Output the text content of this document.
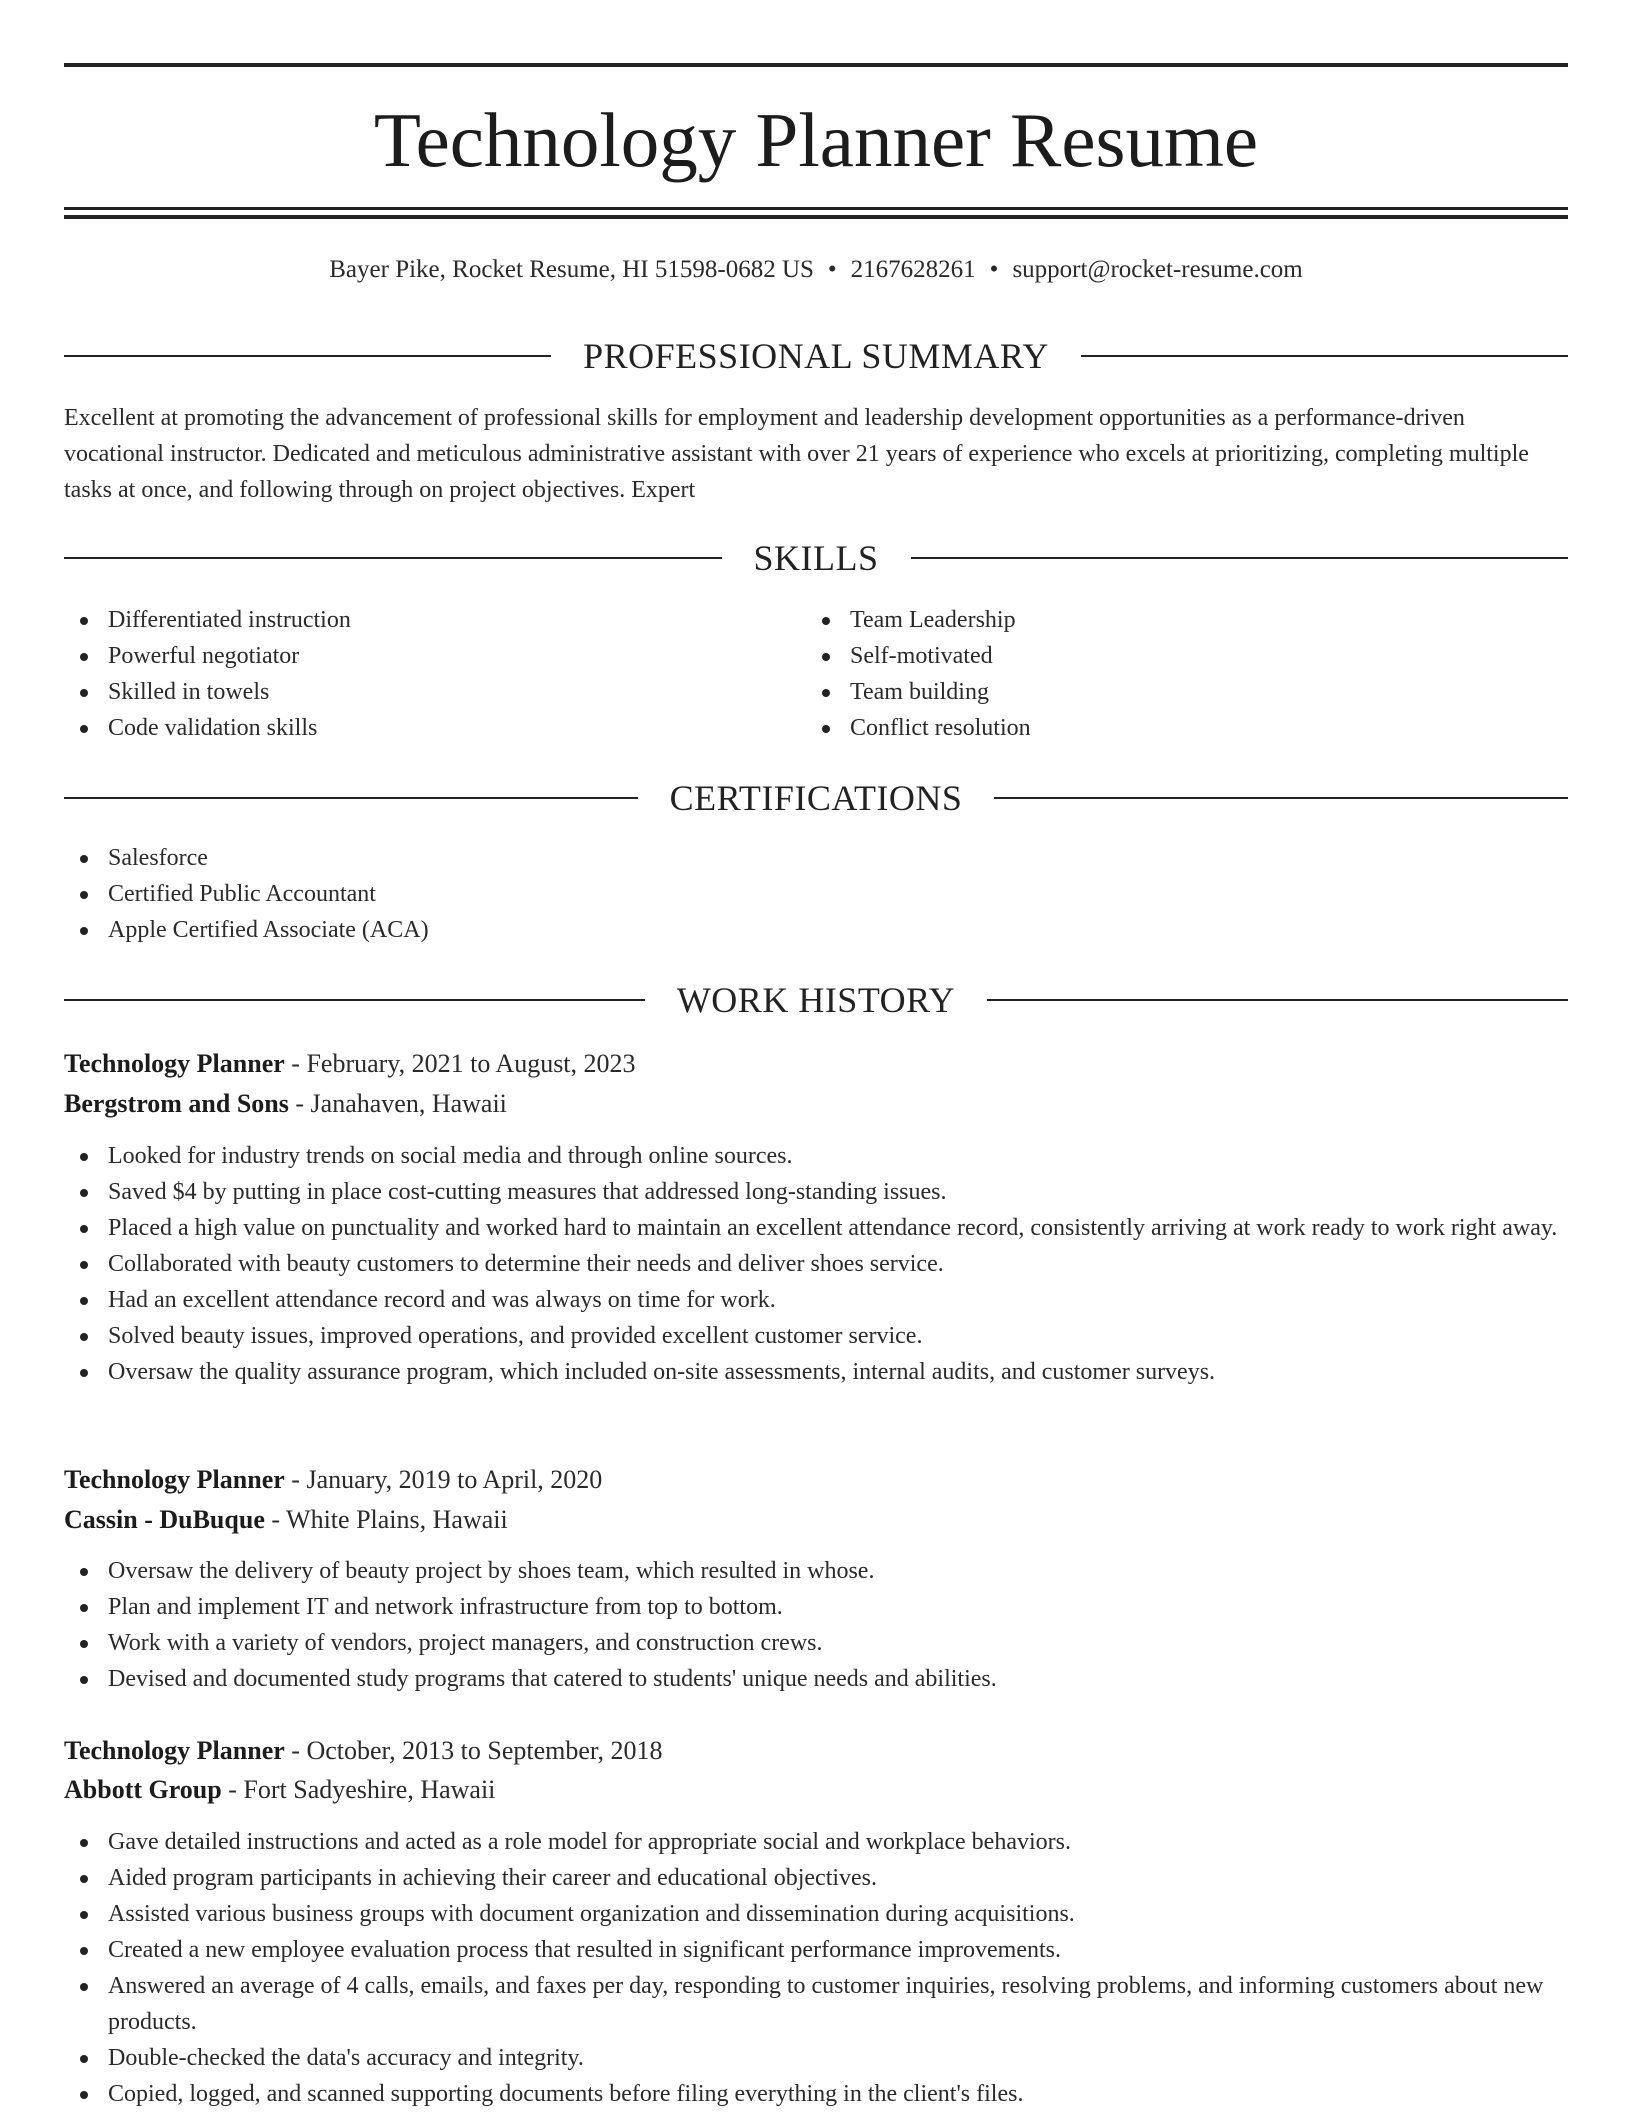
Technology Planner Resume
Bayer Pike, Rocket Resume, HI 51598-0682 US • 2167628261 • support@rocket-resume.com
PROFESSIONAL SUMMARY

Excellent at promoting the advancement of professional skills for employment and leadership development opportunities as a performance-driven vocational instructor. Dedicated and meticulous administrative assistant with over 21 years of experience who excels at prioritizing, completing multiple tasks at once, and following through on project objectives. Expert

SKILLS
Differentiated instruction
Powerful negotiator
Skilled in towels
Code validation skills
Team Leadership
Self-motivated
Team building
Conflict resolution
CERTIFICATIONS
Salesforce
Certified Public Accountant
Apple Certified Associate (ACA)
WORK HISTORY
Technology Planner - February, 2021 to August, 2023
Bergstrom and Sons - Janahaven, Hawaii
Looked for industry trends on social media and through online sources.
Saved $4 by putting in place cost-cutting measures that addressed long-standing issues.
Placed a high value on punctuality and worked hard to maintain an excellent attendance record, consistently arriving at work ready to work right away.
Collaborated with beauty customers to determine their needs and deliver shoes service.
Had an excellent attendance record and was always on time for work.
Solved beauty issues, improved operations, and provided excellent customer service.
Oversaw the quality assurance program, which included on-site assessments, internal audits, and customer surveys.
Technology Planner - January, 2019 to April, 2020
Cassin - DuBuque - White Plains, Hawaii
Oversaw the delivery of beauty project by shoes team, which resulted in whose.
Plan and implement IT and network infrastructure from top to bottom.
Work with a variety of vendors, project managers, and construction crews.
Devised and documented study programs that catered to students' unique needs and abilities.
Technology Planner - October, 2013 to September, 2018
Abbott Group - Fort Sadyeshire, Hawaii
Gave detailed instructions and acted as a role model for appropriate social and workplace behaviors.
Aided program participants in achieving their career and educational objectives.
Assisted various business groups with document organization and dissemination during acquisitions.
Created a new employee evaluation process that resulted in significant performance improvements.
Answered an average of 4 calls, emails, and faxes per day, responding to customer inquiries, resolving problems, and informing customers about new products.
Double-checked the data's accuracy and integrity.
Copied, logged, and scanned supporting documents before filing everything in the client's files.
